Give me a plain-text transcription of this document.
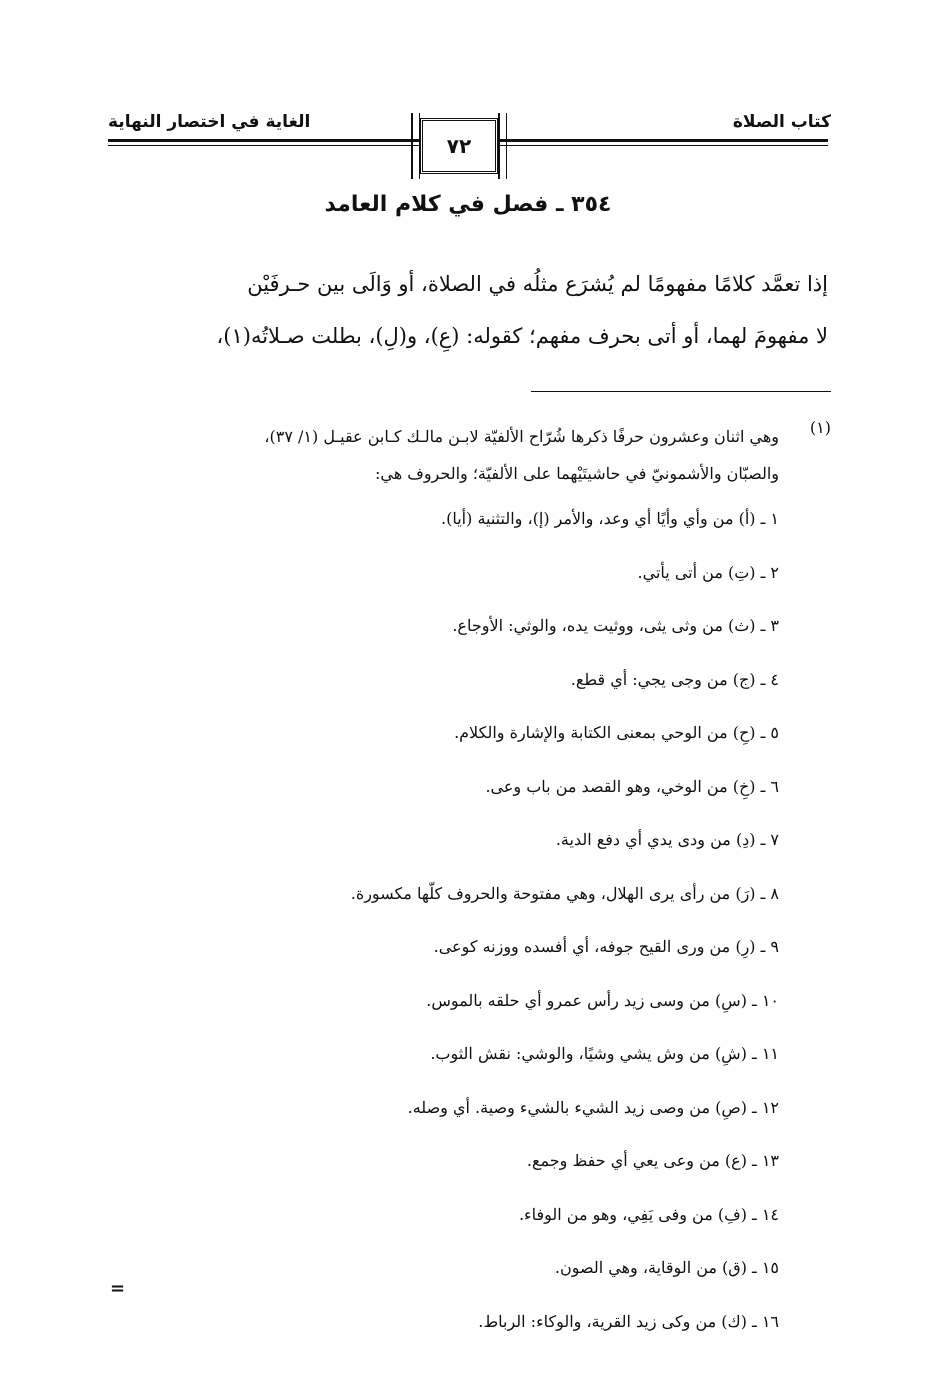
كتاب الصلاة
الغاية في اختصار النهاية
٧٢
٣٥٤ ـ فصل في كلام العامد
إذا تعمَّد كلامًا مفهومًا لم يُشرَع مثلُه في الصلاة، أو وَالَى بين حـرفَيْن
لا مفهومَ لهما، أو أتى بحرف مفهم؛ كقوله: (عِ)، و(لِ)، بطلت صـلاتُه(١)،
(١)
وهي اثنان وعشرون حرفًا ذكرها شُرّاح الألفيّة لابـن مالـك كـابن عقيـل (١/ ٣٧)،
والصبّان والأشمونيّ في حاشيتَيْهما على الألفيّة؛ والحروف هي:
١ ـ (أ) من وأي وأيًا أي وعد، والأمر (إ)، والتثنية (أيا).
٢ ـ (تِ) من أتى يأتي.
٣ ـ (ث) من وثى يثى، ووثيت يده، والوثي: الأوجاع.
٤ ـ (ج) من وجى يجي: أي قطع.
٥ ـ (حِ) من الوحي بمعنى الكتابة والإشارة والكلام.
٦ ـ (خِ) من الوخي، وهو القصد من باب وعى.
٧ ـ (دِ) من ودى يدي أي دفع الدية.
٨ ـ (رَ) من رأى يرى الهلال، وهي مفتوحة والحروف كلّها مكسورة.
٩ ـ (رِ) من ورى القيح جوفه، أي أفسده ووزنه كوعى.
١٠ ـ (سِ) من وسى زيد رأس عمرو أي حلقه بالموس.
١١ ـ (شِ) من وش يشي وشيًا، والوشي: نقش الثوب.
١٢ ـ (صِ) من وصى زيد الشيء بالشيء وصية. أي وصله.
١٣ ـ (ع) من وعى يعي أي حفظ وجمع.
١٤ ـ (فِ) من وفى يَفِي، وهو من الوفاء.
١٥ ـ (ق) من الوقاية، وهي الصون.
١٦ ـ (ك) من وكى زيد القرية، والوكاء: الرباط.
=
